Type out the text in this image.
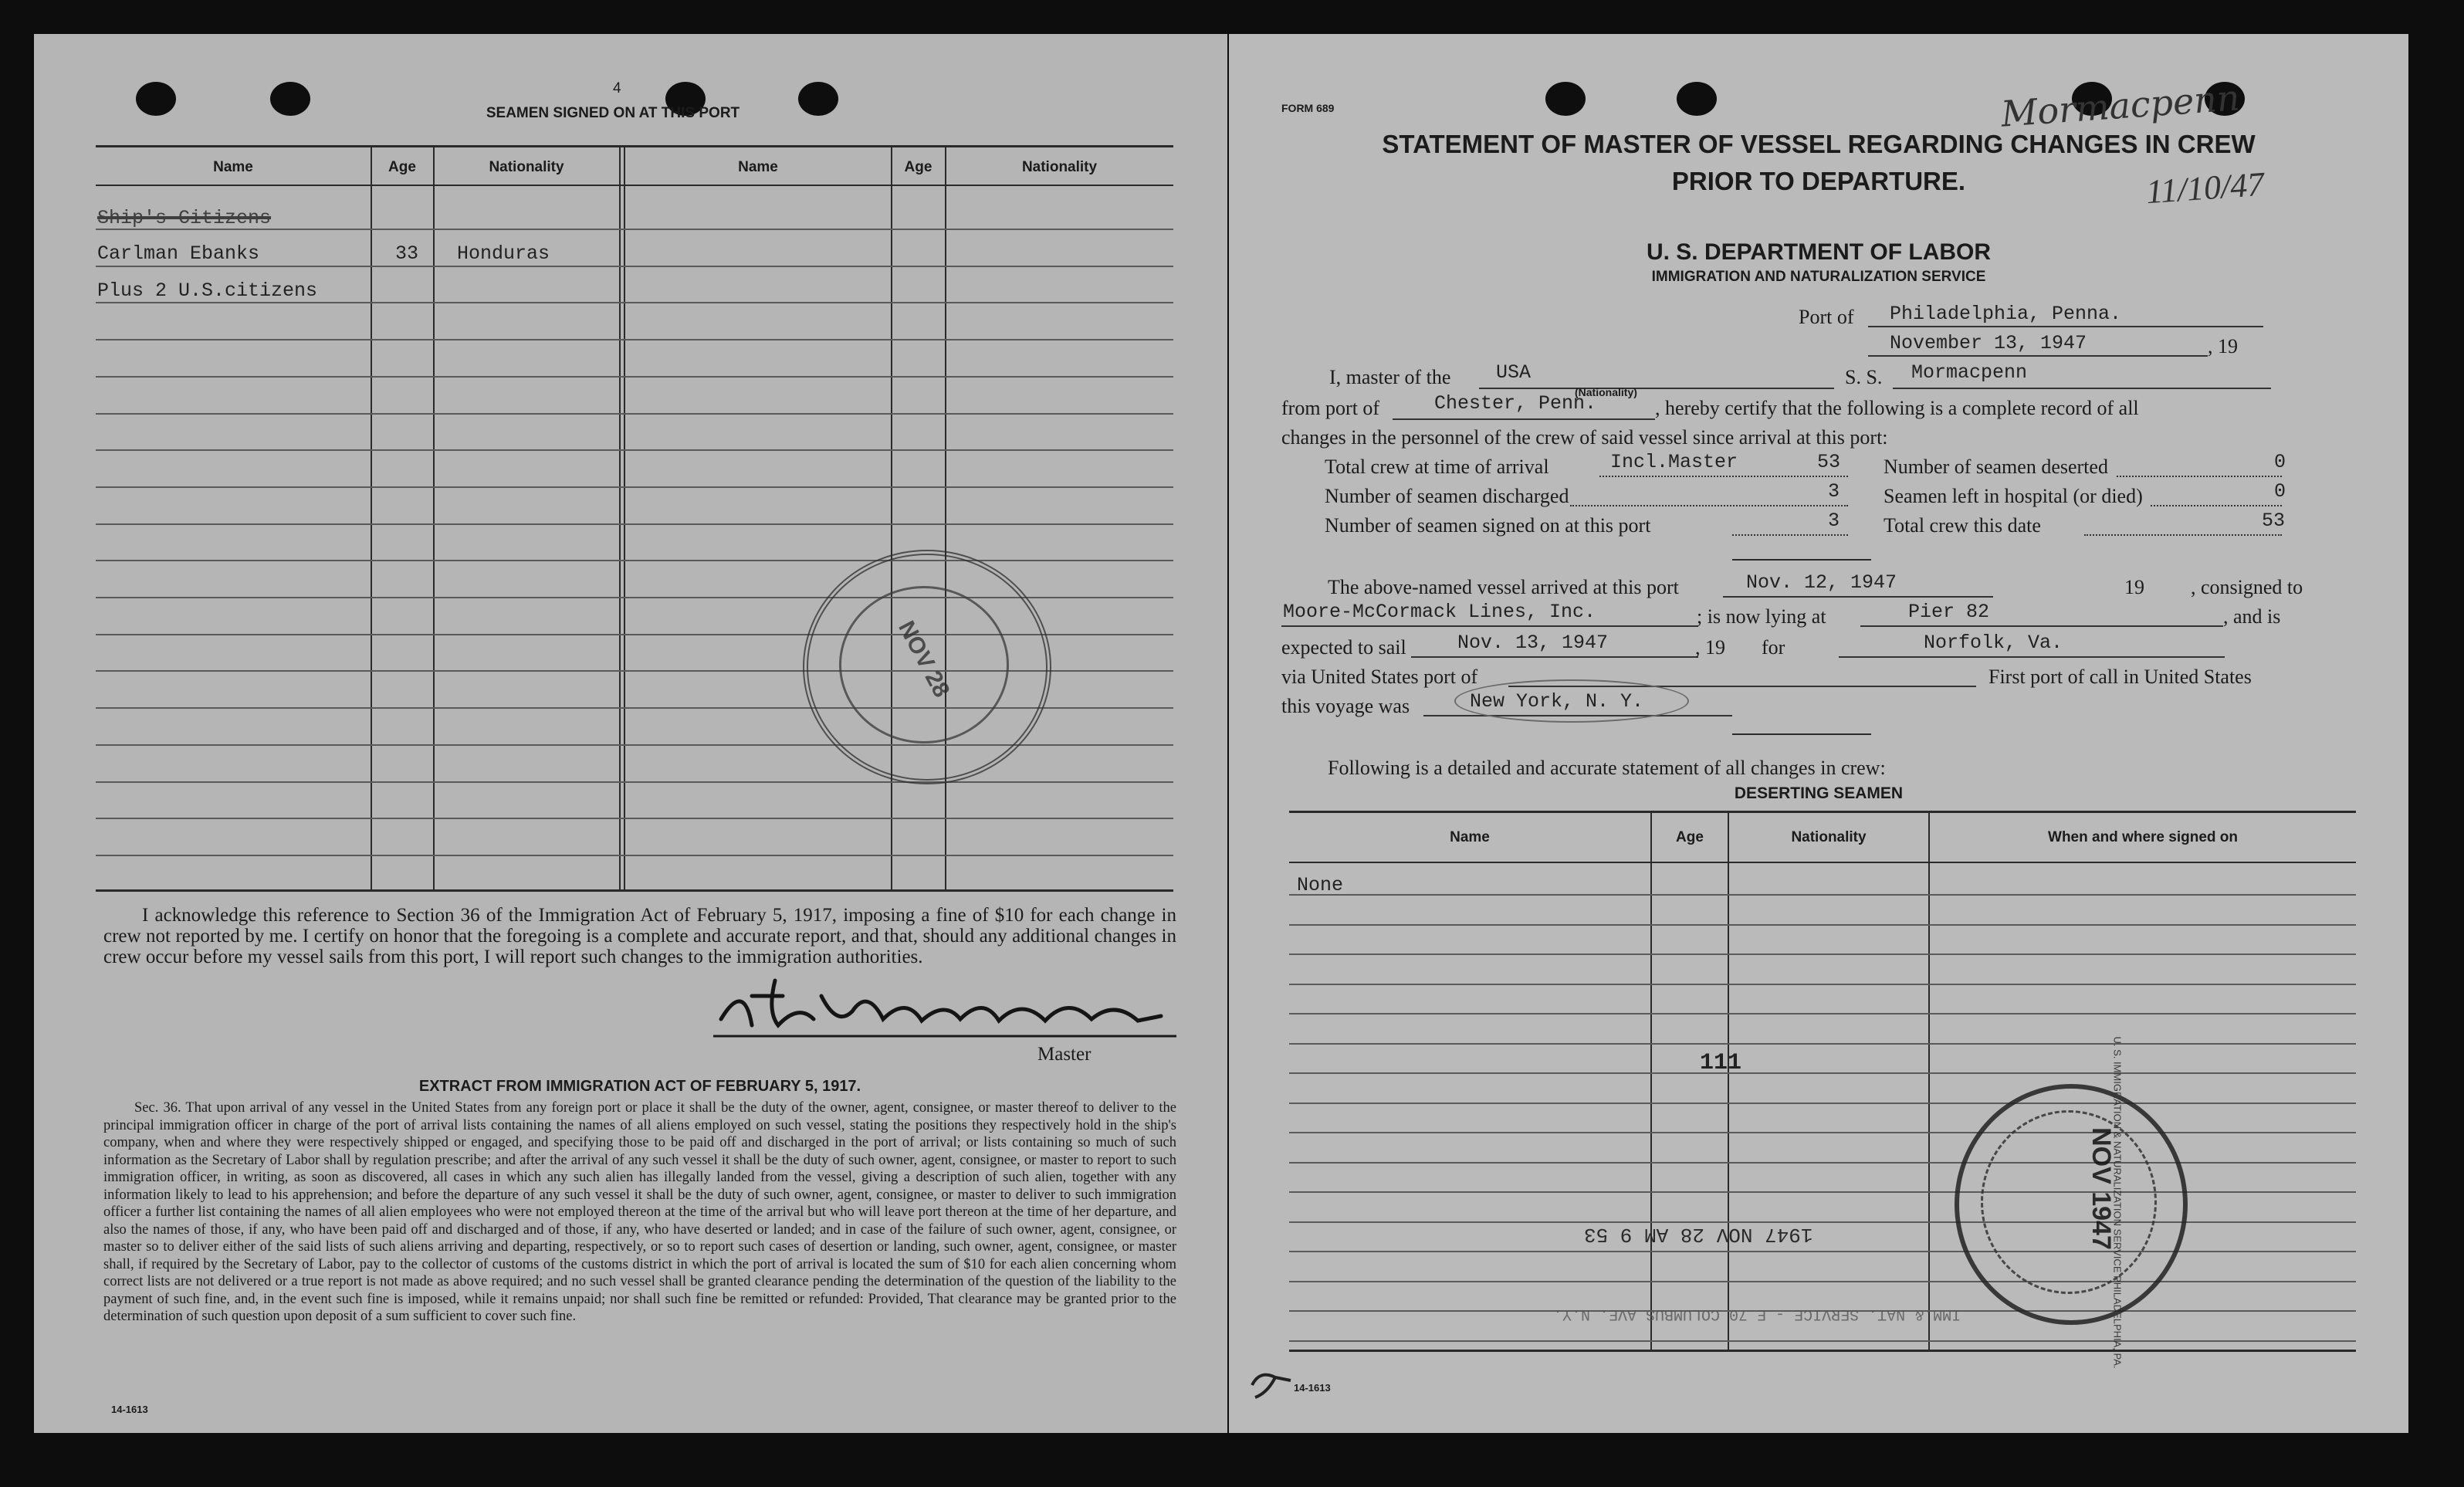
4
SEAMEN SIGNED ON AT THIS PORT
Name	Age	Nationality	Name	Age	Nationality
Ship's Citizens
Carlman Ebanks	33 Honduras
Plus 2 U.S.citizens
NOV 28
I acknowledge this reference to Section 36 of the Immigration Act of February 5, 1917, imposing a fine of $10 for each change in crew not reported by me. I certify on honor that the foregoing is a complete and accurate report, and that, should any additional changes in crew occur before my vessel sails from this port, I will report such changes to the immigration authorities.
H.E.Hansen	Master
EXTRACT FROM IMMIGRATION ACT OF FEBRUARY 5, 1917.
Sec. 36. That upon arrival of any vessel in the United States from any foreign port or place it shall be the duty of the owner, agent, consignee, or master thereof to deliver to the principal immigration officer in charge of the port of arrival lists containing the names of all aliens employed on such vessel, stating the positions they respectively hold in the ship's company, when and where they were respectively shipped or engaged, and specifying those to be paid off and discharged in the port of arrival; or lists containing so much of such information as the Secretary of Labor shall by regulation prescribe; and after the arrival of any such vessel it shall be the duty of such owner, agent, consignee, or master to report to such immigration officer, in writing, as soon as discovered, all cases in which any such alien has illegally landed from the vessel, giving a description of such alien, together with any information likely to lead to his apprehension; and before the departure of any such vessel it shall be the duty of such owner, agent, consignee, or master to deliver to such immigration officer a further list containing the names of all alien employees who were not employed thereon at the time of the arrival but who will leave port thereon at the time of her departure, and also the names of those, if any, who have been paid off and discharged and of those, if any, who have deserted or landed; and in case of the failure of such owner, agent, consignee, or master so to deliver either of the said lists of such aliens arriving and departing, respectively, or so to report such cases of desertion or landing, such owner, agent, consignee, or master shall, if required by the Secretary of Labor, pay to the collector of customs of the customs district in which the port of arrival is located the sum of $10 for each alien concerning whom correct lists are not delivered or a true report is not made as above required; and no such vessel shall be granted clearance pending the determination of the question of the liability to the payment of such fine, and, in the event such fine is imposed, while it remains unpaid; nor shall such fine be remitted or refunded: Provided, That clearance may be granted prior to the determination of such question upon deposit of a sum sufficient to cover such fine.
14-1613
FORM 689	Mormacpenn
11/10/47
STATEMENT OF MASTER OF VESSEL REGARDING CHANGES IN CREW
PRIOR TO DEPARTURE.
U. S. DEPARTMENT OF LABOR
IMMIGRATION AND NATURALIZATION SERVICE
Port of Philadelphia, Penna.
November 13, 1947	, 19
I, master of the USA
(Nationality)
S. S. Mormacpenn
from port of	Chester, Penn.	, hereby certify that the following is a complete record of all
changes in the personnel of the crew of said vessel since arrival at this port:
Total crew at time of arrival	Incl.Master	53
Number of seamen discharged	3
Number of seamen signed on at this port	3
Number of seamen deserted	0
Seamen left in hospital (or died)	0
Total crew this date	53
The above-named vessel arrived at this port	Nov. 12, 1947	19 , consigned to
Moore-McCormack Lines, Inc.	; is now lying at	Pier 82	, and is
expected to sail	Nov. 13, 1947	, 19 for	Norfolk, Va.
via United States port of	First port of call in United States
this voyage was	New York, N. Y.
Following is a detailed and accurate statement of all changes in crew:
DESERTING SEAMEN
Name	Age	Nationality	When and where signed on
None
111
1947 NOV 28 AM 9 53
IMM.& NAT. SERVICE - E 70 COLUMBUS AVE. N.Y.
NOV 1947
U. S. IMMIGRATION & NATURALIZATION SERVICE PHILADELPHIA, PA.
14-1613
